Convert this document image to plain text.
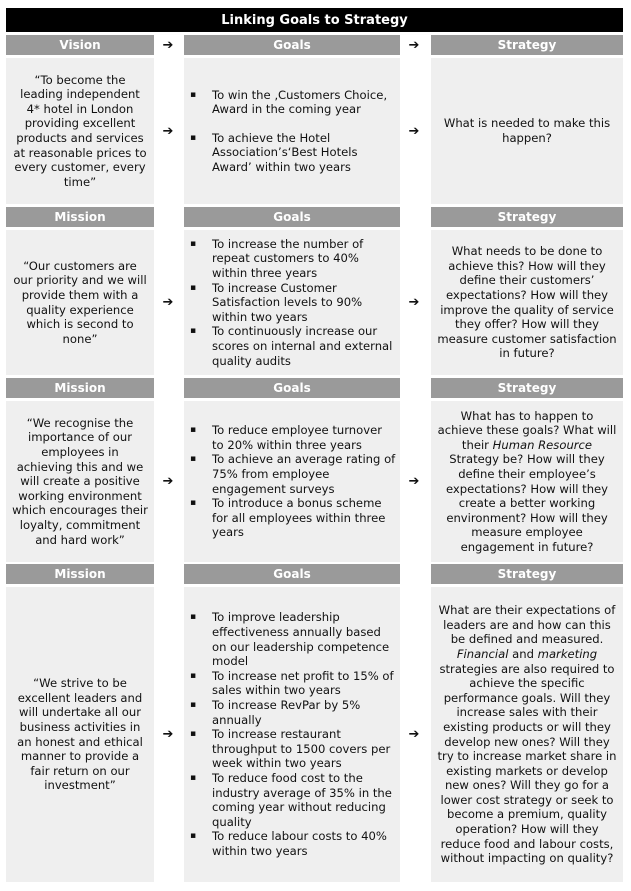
Linking Goals to Strategy
Vision	➔	Goals	➔	Strategy
“To become the leading independent 4* hotel in London providing excellent products and services at reasonable prices to every customer, every time”
➔
▪ To win the ‚Customers Choice‚ Award in the coming year
▪ To achieve the Hotel Association’s‘Best Hotels Award’ within two years
➔
What is needed to make this happen?
Mission	Goals	Strategy
“Our customers are our priority and we will provide them with a quality experience which is second to none”
➔
▪ To increase the number of repeat customers to 40% within three years
▪ To increase Customer Satisfaction levels to 90% within two years
▪ To continuously increase our scores on internal and external quality audits
➔
What needs to be done to achieve this? How will they define their customers’ expectations? How will they improve the quality of service they offer? How will they measure customer satisfaction in future?
Mission	Goals	Strategy
“We recognise the importance of our employees in achieving this and we will create a positive working environment which encourages their loyalty, commitment and hard work”
➔
▪ To reduce employee turnover to 20% within three years
▪ To achieve an average rating of 75% from employee engagement surveys
▪ To introduce a bonus scheme for all employees within three years
➔
What has to happen to achieve these goals? What will their Human Resource Strategy be? How will they define their employee’s expectations? How will they create a better working environment? How will they measure employee engagement in future?
Mission	Goals	Strategy
“We strive to be excellent leaders and will undertake all our business activities in an honest and ethical manner to provide a fair return on our investment”
➔
▪ To improve leadership effectiveness annually based on our leadership competence model
▪ To increase net profit to 15% of sales within two years
▪ To increase RevPar by 5% annually
▪ To increase restaurant throughput to 1500 covers per week within two years
▪ To reduce food cost to the industry average of 35% in the coming year without reducing quality
▪ To reduce labour costs to 40% within two years
➔
What are their expectations of leaders are and how can this be defined and measured. Financial and marketing strategies are also required to achieve the specific performance goals. Will they increase sales with their existing products or will they develop new ones? Will they try to increase market share in existing markets or develop new ones? Will they go for a lower cost strategy or seek to become a premium, quality operation? How will they reduce food and labour costs, without impacting on quality?
